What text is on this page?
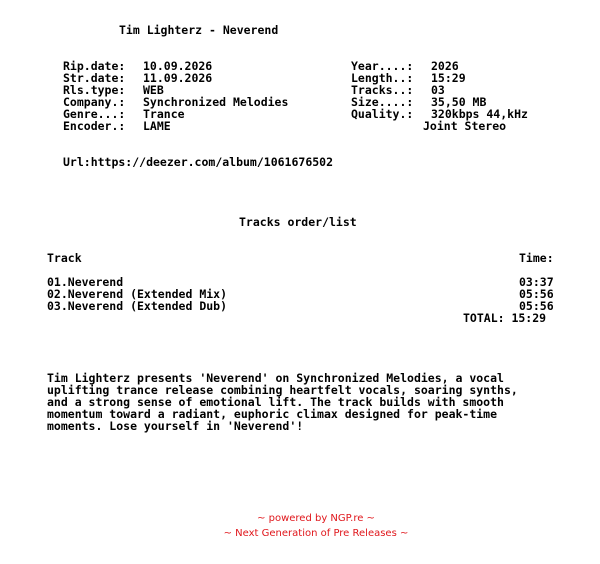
Tim Lighterz - Neverend
Rip.date: 10.09.2026
Str.date: 11.09.2026
Rls.type: WEB
Company.: Synchronized Melodies
Genre...: Trance
Encoder.: LAME
Year....: 2026
Length..: 15:29
Tracks..: 03
Size....: 35,50 MB
Quality.: 320kbps 44,kHz
Joint Stereo
Url:https://deezer.com/album/1061676502
Tracks order/list
Track	Time:
01.Neverend	03:37
02.Neverend (Extended Mix)	05:56
03.Neverend (Extended Dub)	05:56
TOTAL: 15:29
Tim Lighterz presents 'Neverend' on Synchronized Melodies, a vocal
uplifting trance release combining heartfelt vocals, soaring synths,
and a strong sense of emotional lift. The track builds with smooth
momentum toward a radiant, euphoric climax designed for peak-time
moments. Lose yourself in 'Neverend'!
~ powered by NGP.re ~
~ Next Generation of Pre Releases ~
